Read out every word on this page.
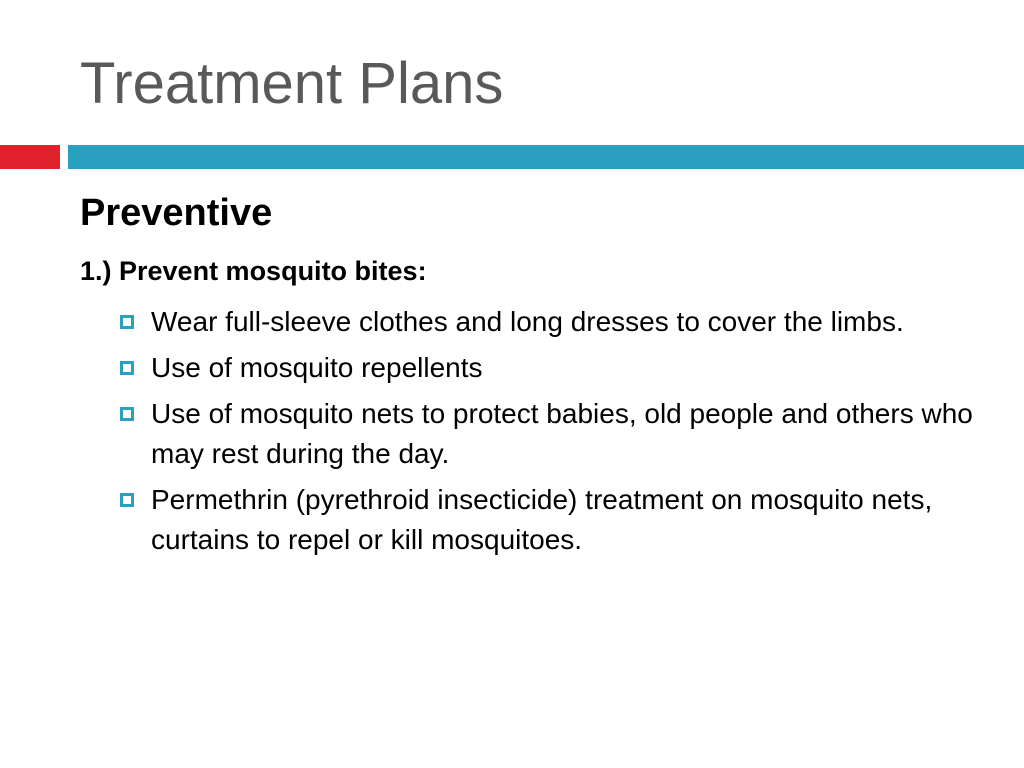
Treatment Plans
Preventive

1.) Prevent mosquito bites:

Wear full-sleeve clothes and long dresses to cover the limbs.
Use of mosquito repellents
Use of mosquito nets to protect babies, old people and others who may rest during the day.
Permethrin (pyrethroid insecticide) treatment on mosquito nets, curtains to repel or kill mosquitoes.
